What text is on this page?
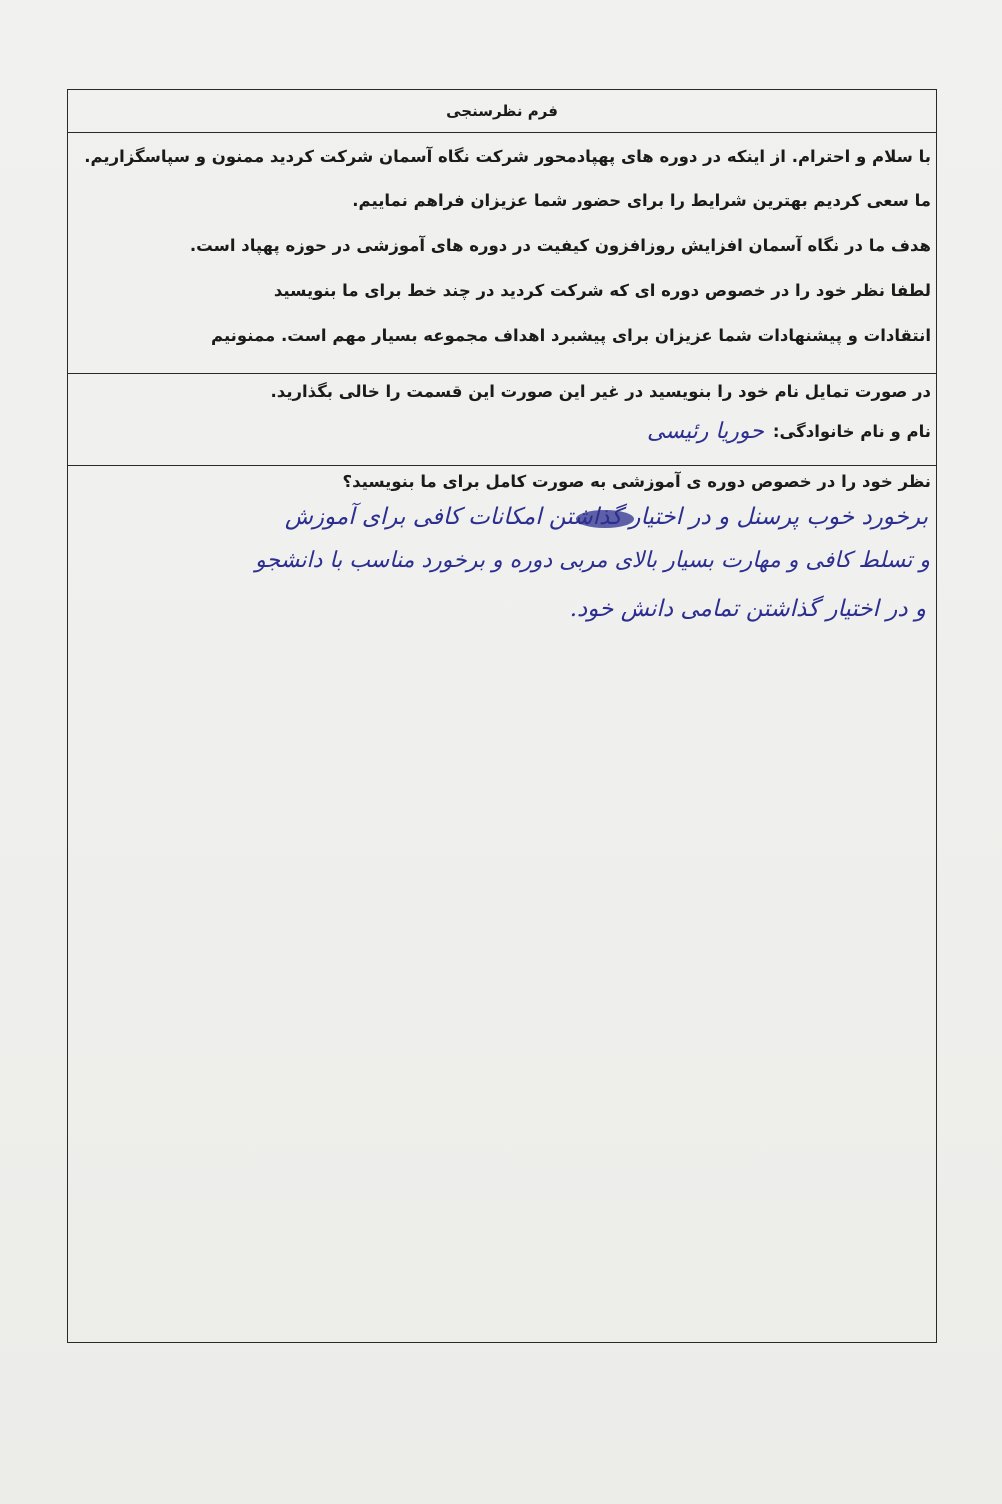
فرم نظرسنجی
با سلام و احترام. از اینکه در دوره های پهپادمحور شرکت نگاه آسمان شرکت کردید ممنون و سپاسگزاریم.
ما سعی کردیم بهترین شرایط را برای حضور شما عزیزان فراهم نماییم.
هدف ما در نگاه آسمان افزایش روزافزون کیفیت در دوره های آموزشی در حوزه پهپاد است.
لطفا نظر خود را در خصوص دوره ای که شرکت کردید در چند خط برای ما بنویسید
انتقادات و پیشنهادات شما عزیزان برای پیشبرد اهداف مجموعه بسیار مهم است. ممنونیم
در صورت تمایل نام خود را بنویسید در غیر این صورت این قسمت را خالی بگذارید.
نام و نام خانوادگی: حوریا رئیسی
نظر خود را در خصوص دوره ی آموزشی به صورت کامل برای ما بنویسید؟
برخورد خوب پرسنل و در اختیار گذاشتن امکانات کافی برای آموزش
و تسلط کافی و مهارت بسیار بالای مربی دوره و برخورد مناسب با دانشجو
و در اختیار گذاشتن تمامی دانش خود.
